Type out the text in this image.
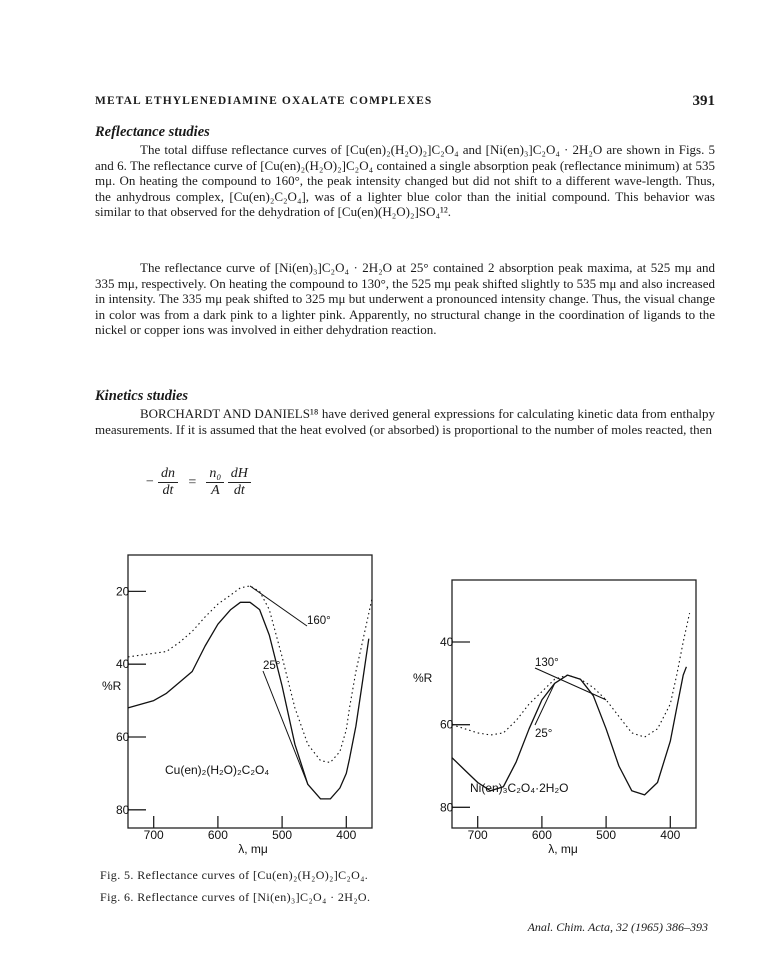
METAL ETHYLENEDIAMINE OXALATE COMPLEXES	391
Reflectance studies

The total diffuse reflectance curves of [Cu(en)₂(H₂O)₂]C₂O₄ and [Ni(en)₃]C₂O₄ · 2H₂O are shown in Figs. 5 and 6. The reflectance curve of [Cu(en)₂(H₂O)₂]C₂O₄ contained a single absorption peak (reflectance minimum) at 535 mμ. On heating the compound to 160°, the peak intensity changed but did not shift to a different wave-length. Thus, the anhydrous complex, [Cu(en)₂C₂O₄], was of a lighter blue color than the initial compound. This behavior was similar to that observed for the dehydration of [Cu(en)(H₂O)₂]SO₄¹².

The reflectance curve of [Ni(en)₃]C₂O₄ · 2H₂O at 25° contained 2 absorption peak maxima, at 525 mμ and 335 mμ, respectively. On heating the compound to 130°, the 525 mμ peak shifted slightly to 535 mμ and also increased in intensity. The 335 mμ peak shifted to 325 mμ but underwent a pronounced intensity change. Thus, the visual change in color was from a dark pink to a lighter pink. Apparently, no structural change in the coordination of ligands to the nickel or copper ions was involved in either dehydration reaction.

Kinetics studies

BORCHARDT AND DANIELS¹⁸ have derived general expressions for calculating kinetic data from enthalpy measurements. If it is assumed that the heat evolved (or absorbed) is proportional to the number of moles reacted, then

− $\frac{dn}{dt} = \frac{\text{n₀}}{A}$
$\frac{dH}{dt}$
20
40
60
80
700	600	500	400
%R
λ, mμ
Cu(en)₂(H₂O)₂C₂O₄
160°
25°
40
60
80
700	600	500	400
%R
λ, mμ
Ni(en)₃C₂O₄·2H₂O
130°
25°
Fig. 5. Reflectance curves of [Cu(en)₂(H₂O)₂]C₂O₄.
Fig. 6. Reflectance curves of [Ni(en)₃]C₂O₄ · 2H₂O.
Anal. Chim. Acta, 32 (1965) 386–393
